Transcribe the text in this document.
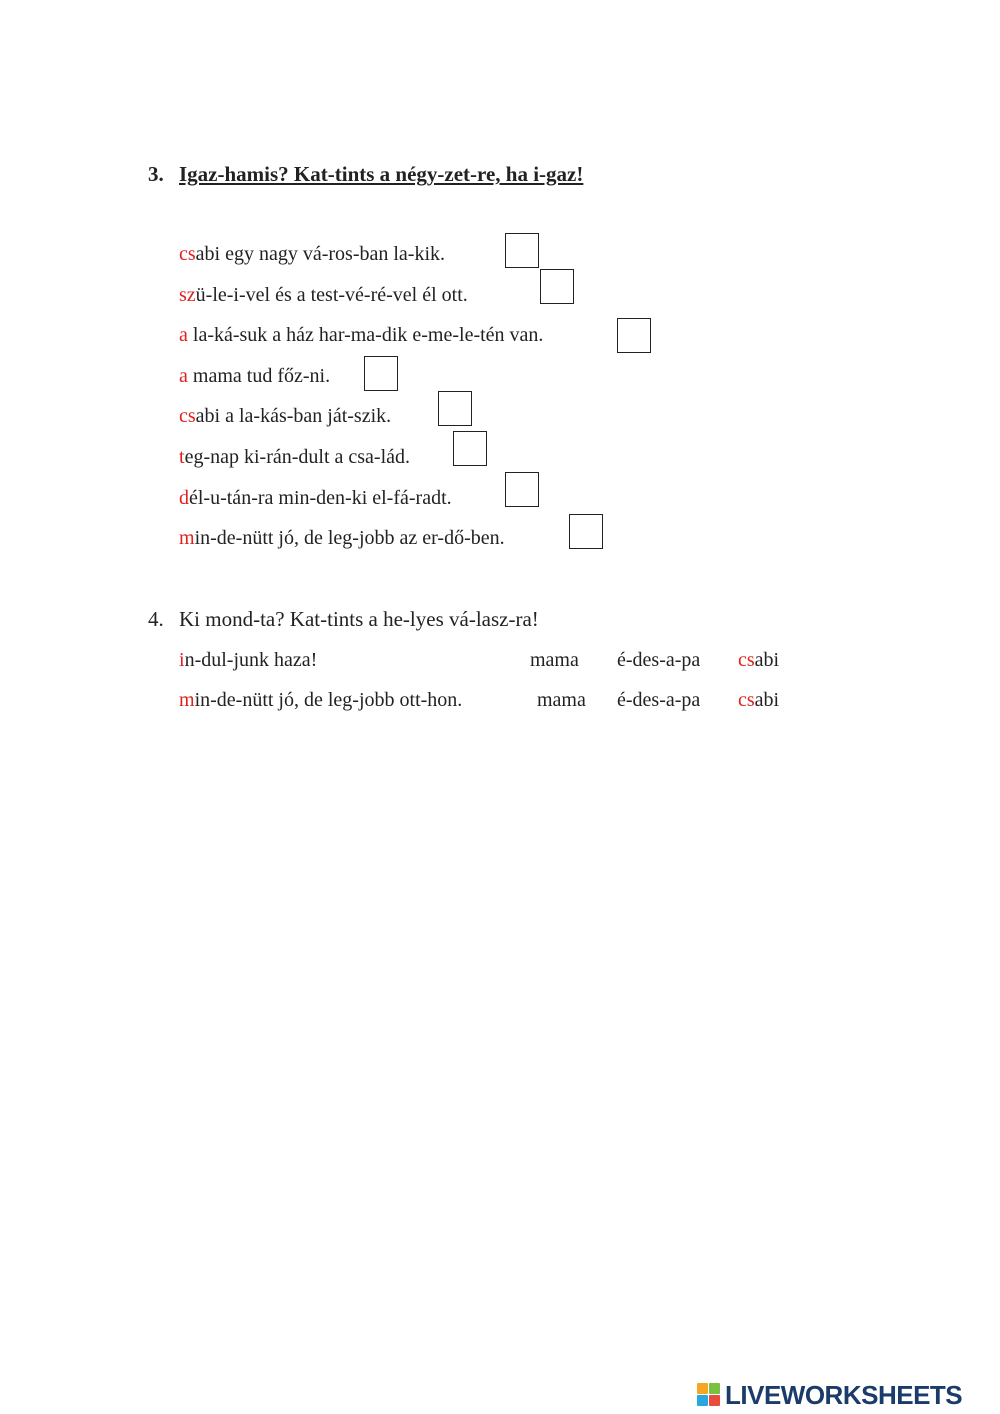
3. Igaz-hamis? Kat-tints a négy-zet-re, ha i-gaz!
csabi egy nagy vá-ros-ban la-kik.
szü-le-i-vel és a test-vé-ré-vel él ott.
a la-ká-suk a ház har-ma-dik e-me-le-tén van.
a mama tud főz-ni.
csabi a la-kás-ban ját-szik.
teg-nap ki-rán-dult a csa-lád.
dél-u-tán-ra min-den-ki el-fá-radt.
min-de-nütt jó, de leg-jobb az er-dő-ben.
4. Ki mond-ta? Kat-tints a he-lyes vá-lasz-ra!
in-dul-junk haza!	mama é-des-a-pa csabi
min-de-nütt jó, de leg-jobb ott-hon.	mama é-des-a-pa csabi
LIVEWORKSHEETS
